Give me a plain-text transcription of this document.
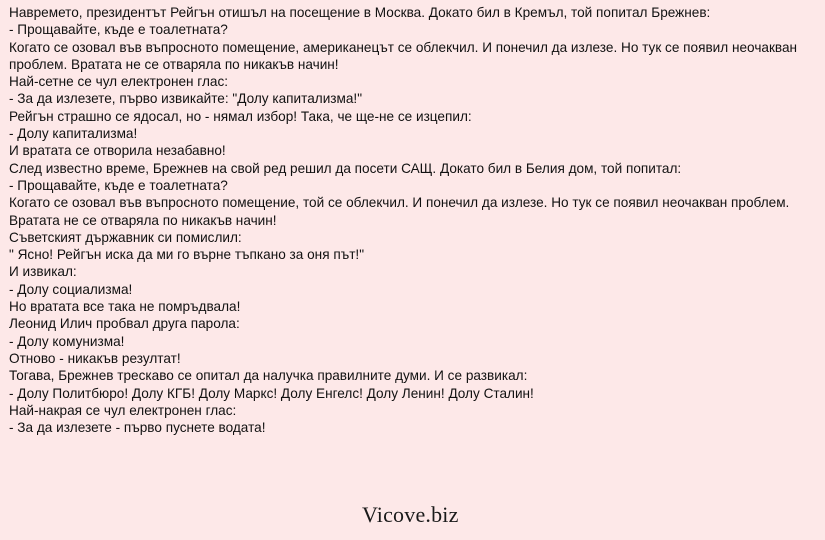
Навремето, президентът Рейгън отишъл на посещение в Москва. Докато бил в Кремъл, той попитал Брежнев:

- Прощавайте, къде е тоалетната?

Когато се озовал във въпросното помещение, американецът се облекчил. И понечил да излезе. Но тук се появил неочакван проблем. Вратата не се отваряла по никакъв начин!

Най-сетне се чул електронен глас:

- За да излезете, първо извикайте: "Долу капитализма!"

Рейгън страшно се ядосал, но - нямал избор! Така, че ще-не се изцепил:

- Долу капитализма!

И вратата се отворила незабавно!

След известно време, Брежнев на свой ред решил да посети САЩ. Докато бил в Белия дом, той попитал:

- Прощавайте, къде е тоалетната?

Когато се озовал във въпросното помещение, той се облекчил. И понечил да излезе. Но тук се появил неочакван проблем. Вратата не се отваряла по никакъв начин!

Съветският държавник си помислил:

" Ясно! Рейгън иска да ми го върне тъпкано за оня път!"

И извикал:

- Долу социализма!

Но вратата все така не помръдвала!

Леонид Илич пробвал друга парола:

- Долу комунизма!

Отново - никакъв резултат!

Тогава, Брежнев трескаво се опитал да налучка правилните думи. И се развикал:

- Долу Политбюро! Долу КГБ! Долу Маркс! Долу Енгелс! Долу Ленин! Долу Сталин!

Най-накрая се чул електронен глас:

- За да излезете - първо пуснете водата!

Vicove.biz
